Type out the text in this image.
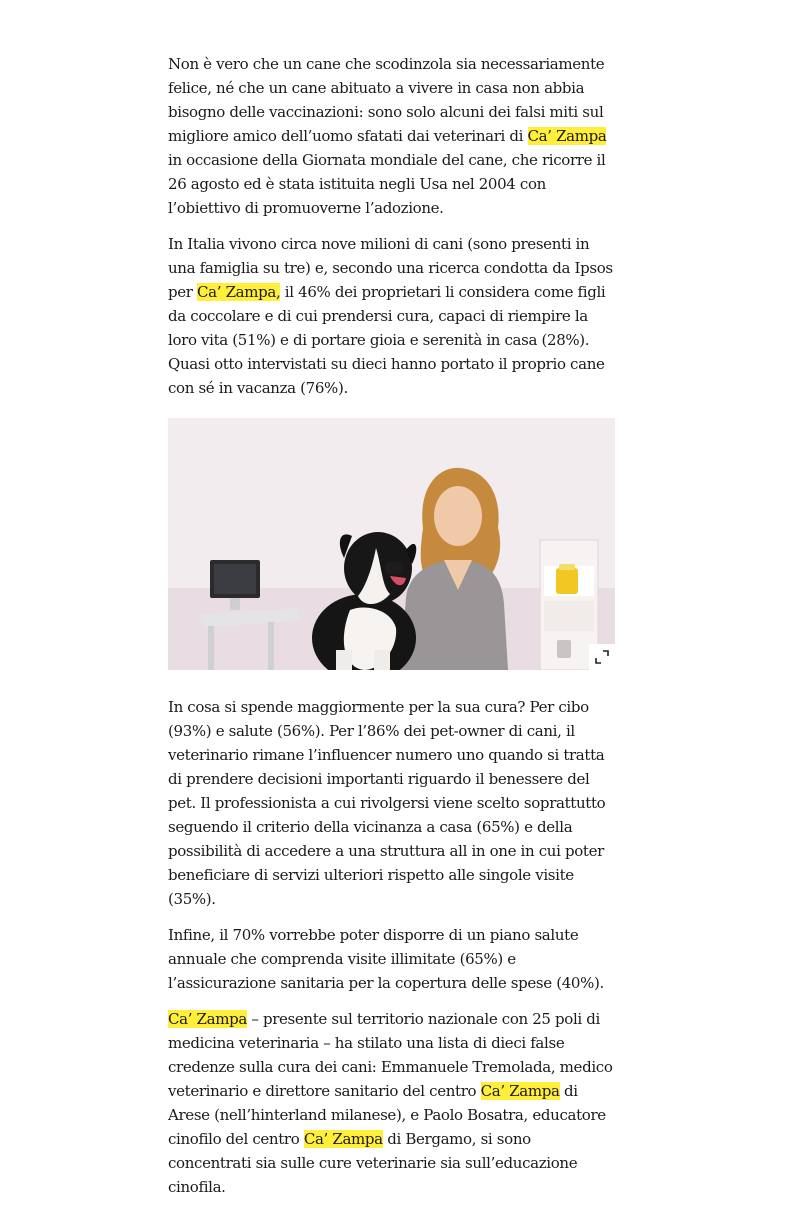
Non è vero che un cane che scodinzola sia necessariamente felice, né che un cane abituato a vivere in casa non abbia bisogno delle vaccinazioni: sono solo alcuni dei falsi miti sul migliore amico dell’uomo sfatati dai veterinari di Ca’ Zampa in occasione della Giornata mondiale del cane, che ricorre il 26 agosto ed è stata istituita negli Usa nel 2004 con l’obiettivo di promuoverne l’adozione.

In Italia vivono circa nove milioni di cani (sono presenti in una famiglia su tre) e, secondo una ricerca condotta da Ipsos per Ca’ Zampa, il 46% dei proprietari li considera come figli da coccolare e di cui prendersi cura, capaci di riempire la loro vita (51%) e di portare gioia e serenità in casa (28%). Quasi otto intervistati su dieci hanno portato il proprio cane con sé in vacanza (76%).

In cosa si spende maggiormente per la sua cura? Per cibo (93%) e salute (56%). Per l’86% dei pet-owner di cani, il veterinario rimane l’influencer numero uno quando si tratta di prendere decisioni importanti riguardo il benessere del pet. Il professionista a cui rivolgersi viene scelto soprattutto seguendo il criterio della vicinanza a casa (65%) e della possibilità di accedere a una struttura all in one in cui poter beneficiare di servizi ulteriori rispetto alle singole visite (35%).

Infine, il 70% vorrebbe poter disporre di un piano salute annuale che comprenda visite illimitate (65%) e l’assicurazione sanitaria per la copertura delle spese (40%).

Ca’ Zampa – presente sul territorio nazionale con 25 poli di medicina veterinaria – ha stilato una lista di dieci false credenze sulla cura dei cani: Emmanuele Tremolada, medico veterinario e direttore sanitario del centro Ca’ Zampa di Arese (nell’hinterland milanese), e Paolo Bosatra, educatore cinofilo del centro Ca’ Zampa di Bergamo, si sono concentrati sia sulle cure veterinarie sia sull’educazione cinofila.
